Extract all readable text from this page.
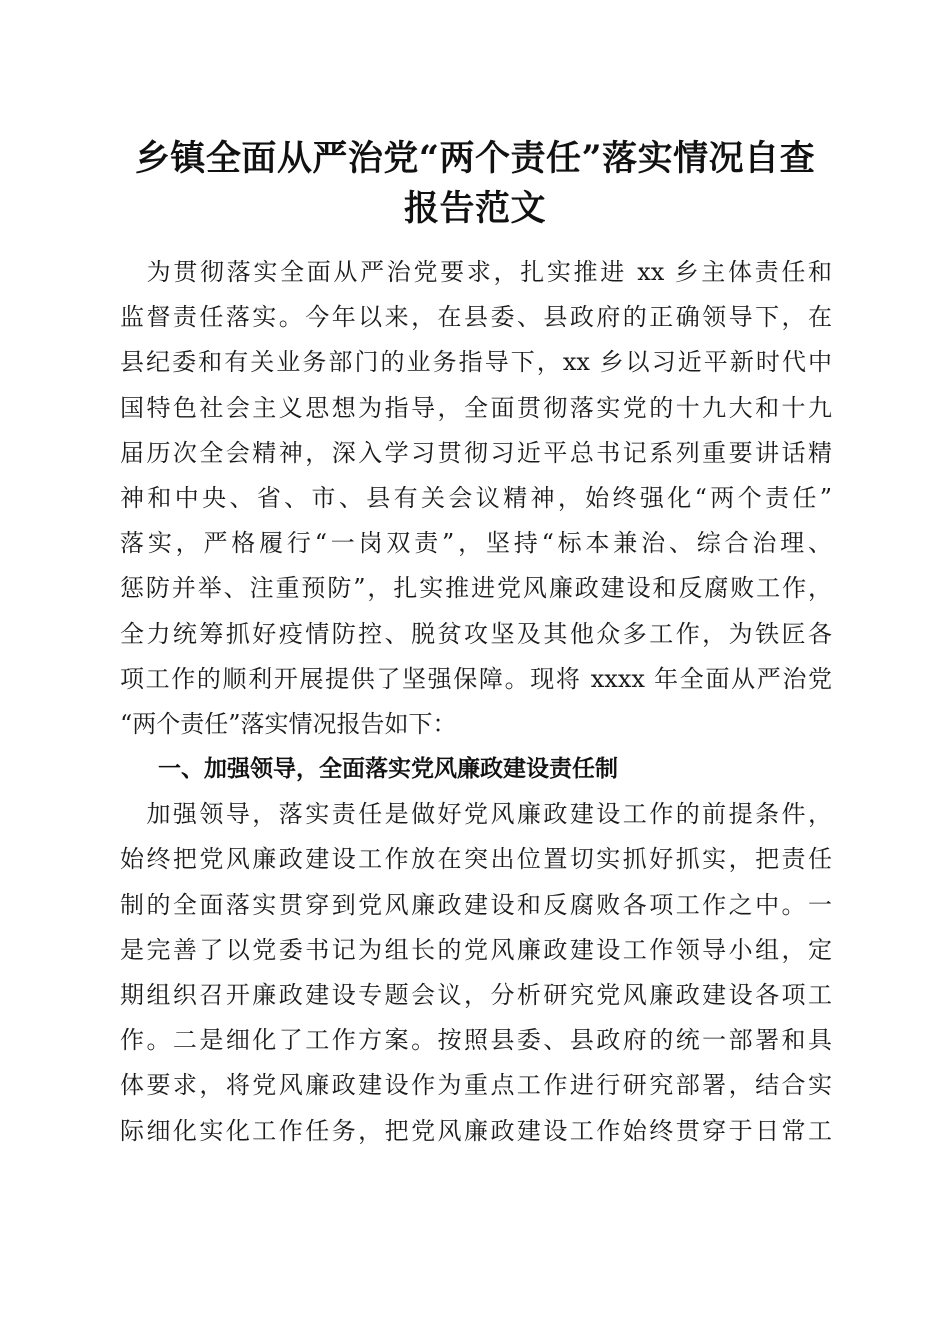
乡镇全面从严治党“两个责任”落实情况自查
报告范文
　为贯彻落实全面从严治党要求，扎实推进 xx 乡主体责任和
监督责任落实。今年以来，在县委、县政府的正确领导下，在
县纪委和有关业务部门的业务指导下，xx 乡以习近平新时代中
国特色社会主义思想为指导，全面贯彻落实党的十九大和十九
届历次全会精神，深入学习贯彻习近平总书记系列重要讲话精
神和中央、省、市、县有关会议精神，始终强化“两个责任”
落实，严格履行“一岗双责”，坚持“标本兼治、综合治理、
惩防并举、注重预防”，扎实推进党风廉政建设和反腐败工作，
全力统筹抓好疫情防控、脱贫攻坚及其他众多工作，为铁匠各
项工作的顺利开展提供了坚强保障。现将 xxxx 年全面从严治党
“两个责任”落实情况报告如下：
一、加强领导，全面落实党风廉政建设责任制
　加强领导，落实责任是做好党风廉政建设工作的前提条件，
始终把党风廉政建设工作放在突出位置切实抓好抓实，把责任
制的全面落实贯穿到党风廉政建设和反腐败各项工作之中。一
是完善了以党委书记为组长的党风廉政建设工作领导小组，定
期组织召开廉政建设专题会议，分析研究党风廉政建设各项工
作。二是细化了工作方案。按照县委、县政府的统一部署和具
体要求，将党风廉政建设作为重点工作进行研究部署，结合实
际细化实化工作任务，把党风廉政建设工作始终贯穿于日常工
